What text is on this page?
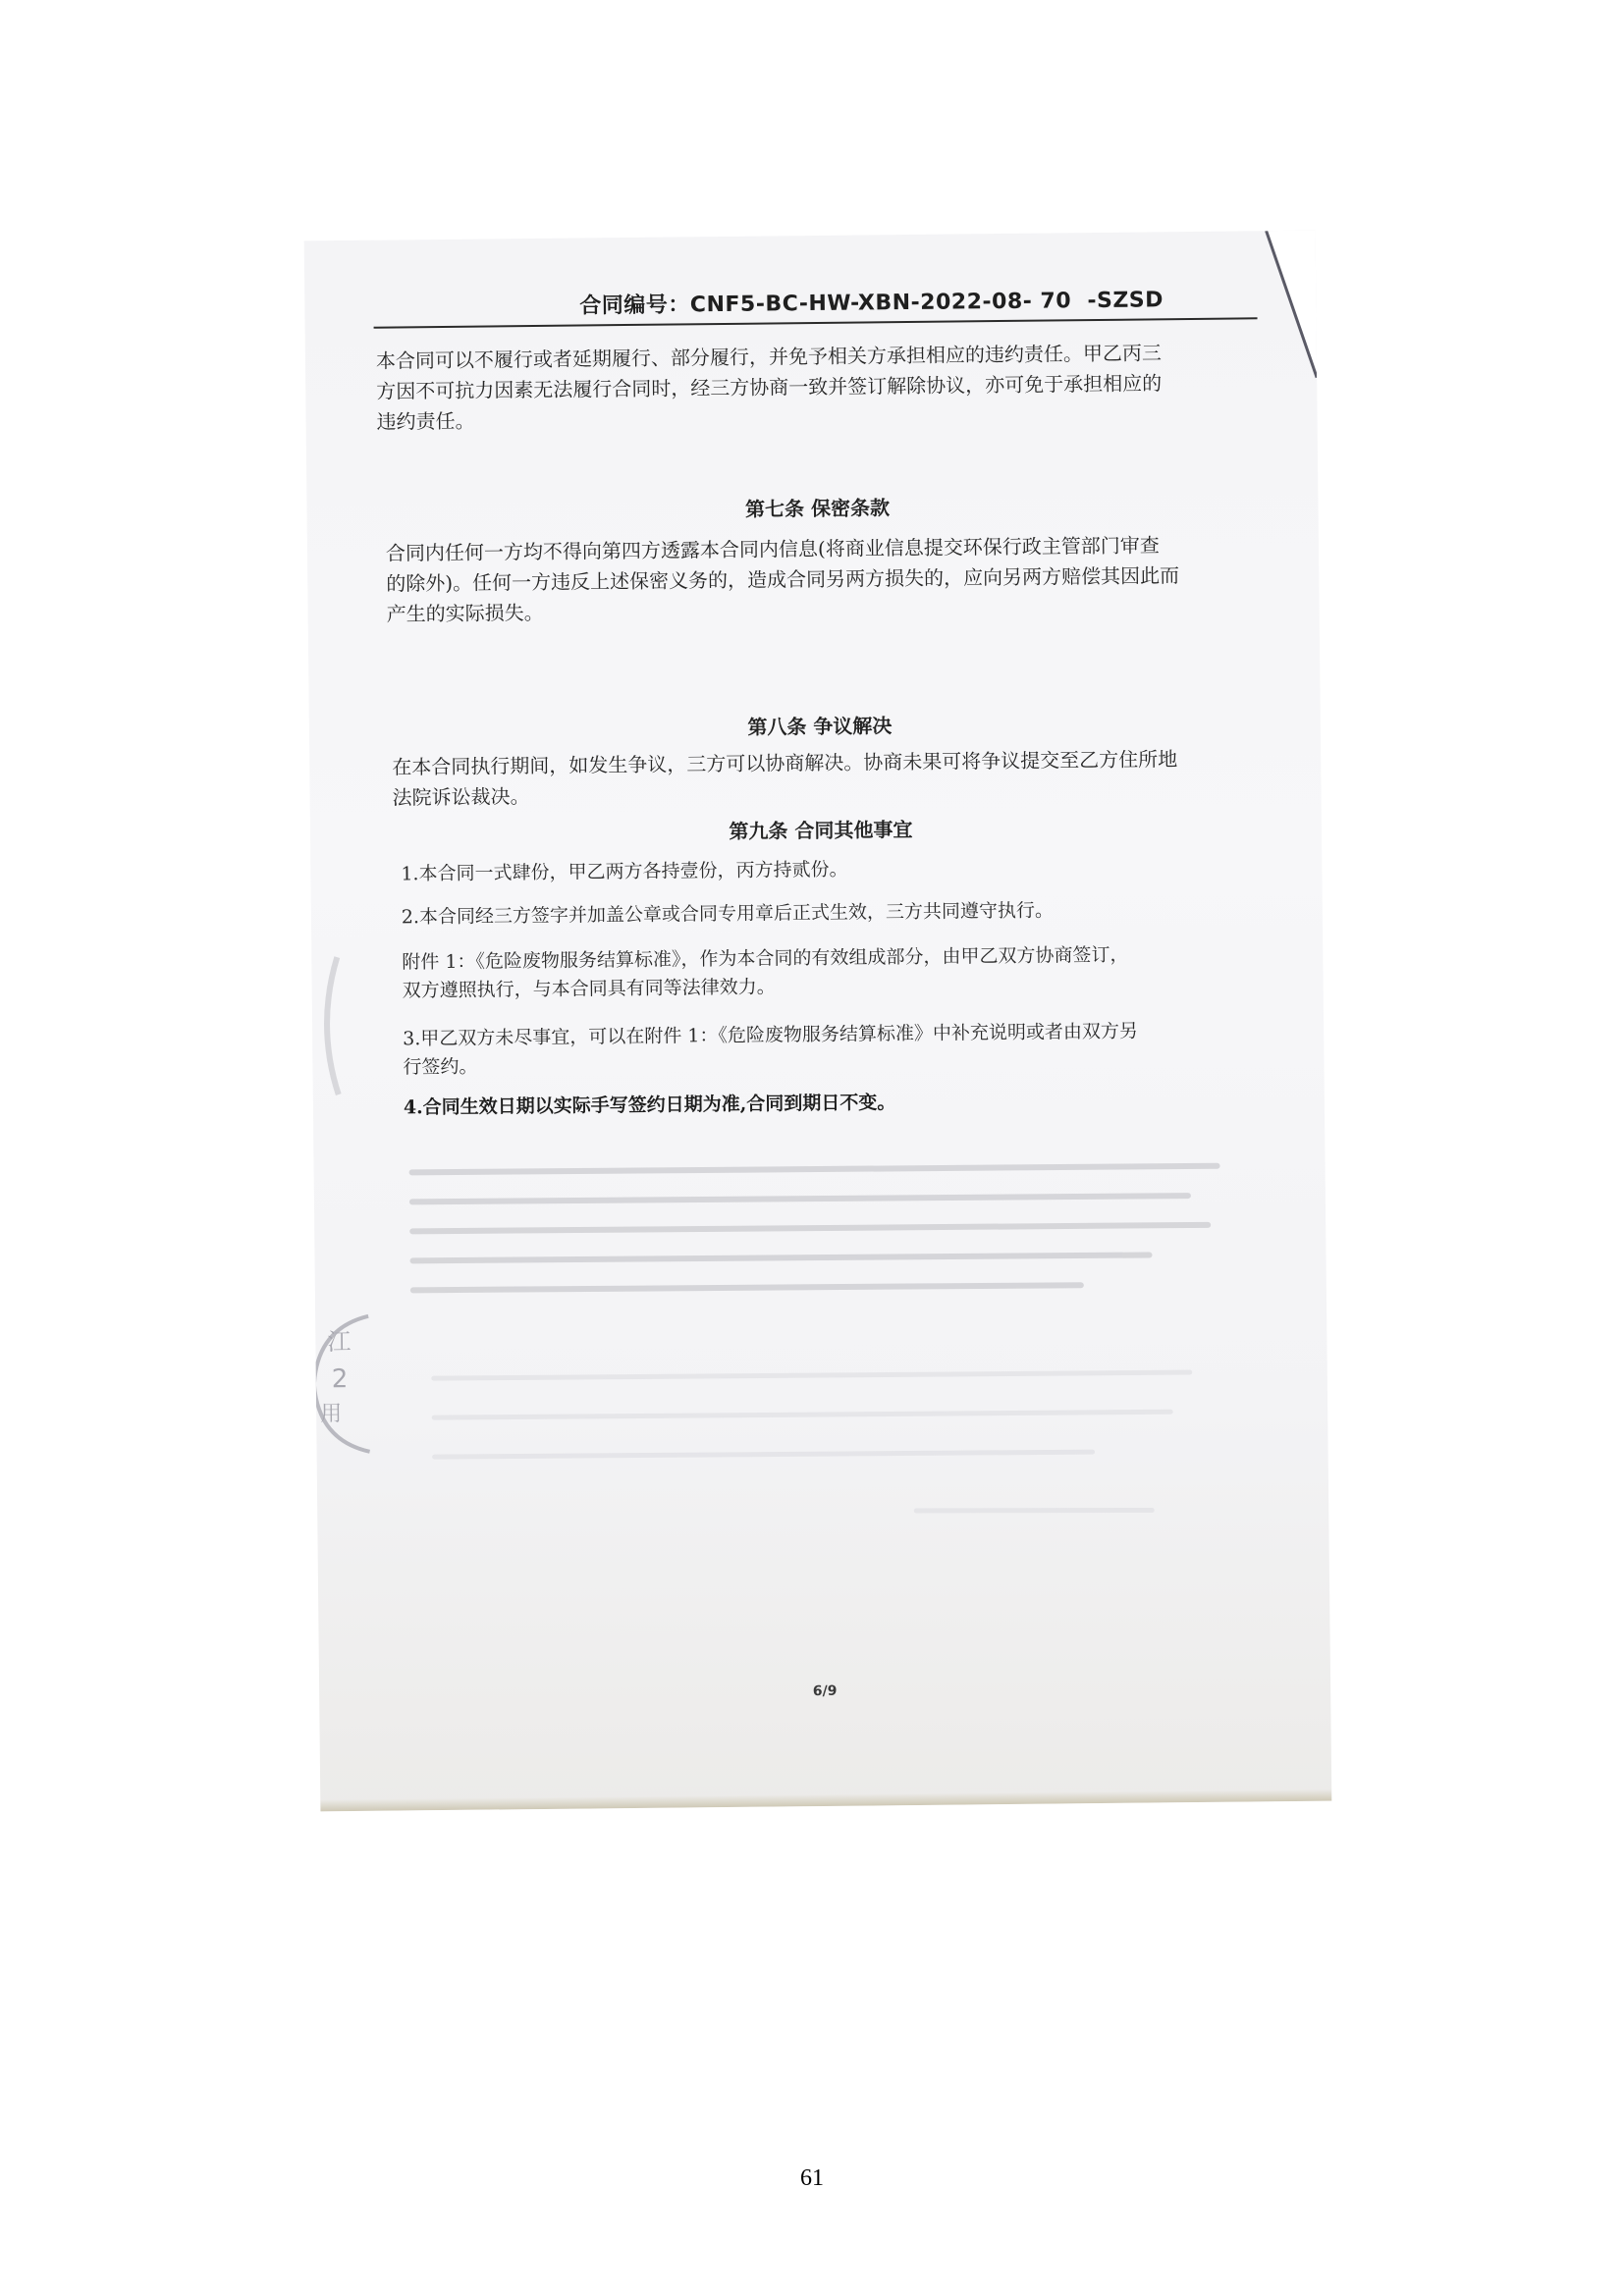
合同编号：CNF5-BC-HW-XBN-2022-08- 70  -SZSD
本合同可以不履行或者延期履行、部分履行，并免予相关方承担相应的违约责任。甲乙丙三
方因不可抗力因素无法履行合同时，经三方协商一致并签订解除协议，亦可免于承担相应的
违约责任。
第七条 保密条款
合同内任何一方均不得向第四方透露本合同内信息(将商业信息提交环保行政主管部门审查
的除外)。任何一方违反上述保密义务的，造成合同另两方损失的，应向另两方赔偿其因此而
产生的实际损失。
第八条 争议解决
在本合同执行期间，如发生争议，三方可以协商解决。协商未果可将争议提交至乙方住所地
法院诉讼裁决。
第九条 合同其他事宜
1.本合同一式肆份，甲乙两方各持壹份，丙方持贰份。
2.本合同经三方签字并加盖公章或合同专用章后正式生效，三方共同遵守执行。
附件 1：《危险废物服务结算标准》，作为本合同的有效组成部分，由甲乙双方协商签订，
双方遵照执行，与本合同具有同等法律效力。
3.甲乙双方未尽事宜，可以在附件 1：《危险废物服务结算标准》中补充说明或者由双方另
行签约。
4.合同生效日期以实际手写签约日期为准,合同到期日不变。
江
2
用
6/9
61
